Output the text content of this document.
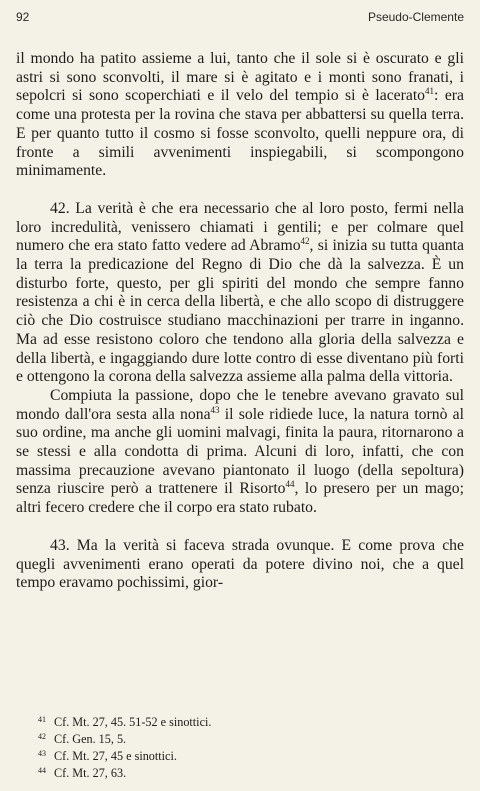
92	Pseudo-Clemente

il mondo ha patito assieme a lui, tanto che il sole si è oscurato e gli astri si sono sconvolti, il mare si è agitato e i monti sono franati, i sepolcri si sono scoperchiati e il velo del tempio si è lacerato$^{41}$: era come una protesta per la rovina che stava per abbattersi su quella terra. E per quanto tutto il cosmo si fosse sconvolto, quelli neppure ora, di fronte a simili avvenimenti inspiegabili, si scompongono minimamente.

42. La verità è che era necessario che al loro posto, fermi nella loro incredulità, venissero chiamati i gentili; e per colmare quel numero che era stato fatto vedere ad Abramo$^{42}$, si inizia su tutta quanta la terra la predicazione del Regno di Dio che dà la salvezza. È un disturbo forte, questo, per gli spiriti del mondo che sempre fanno resistenza a chi è in cerca della libertà, e che allo scopo di distruggere ciò che Dio costruisce studiano macchinazioni per trarre in inganno. Ma ad esse resistono coloro che tendono alla gloria della salvezza e della libertà, e ingaggiando dure lotte contro di esse diventano più forti e ottengono la corona della salvezza assieme alla palma della vittoria.

Compiuta la passione, dopo che le tenebre avevano gravato sul mondo dall'ora sesta alla nona$^{43}$ il sole ridiede luce, la natura tornò al suo ordine, ma anche gli uomini malvagi, finita la paura, ritornarono a se stessi e alla condotta di prima. Alcuni di loro, infatti, che con massima precauzione avevano piantonato il luogo (della sepoltura) senza riuscire però a trattenere il Risorto$^{44}$, lo presero per un mago; altri fecero credere che il corpo era stato rubato.

43. Ma la verità si faceva strada ovunque. E come prova che quegli avvenimenti erano operati da potere divino noi, che a quel tempo eravamo pochissimi, gior-

$^{41}$ Cf. Mt. 27, 45. 51-52 e sinottici.
$^{42}$ Cf. Gen. 15, 5.
$^{43}$ Cf. Mt. 27, 45 e sinottici.
$^{44}$ Cf. Mt. 27, 63.
